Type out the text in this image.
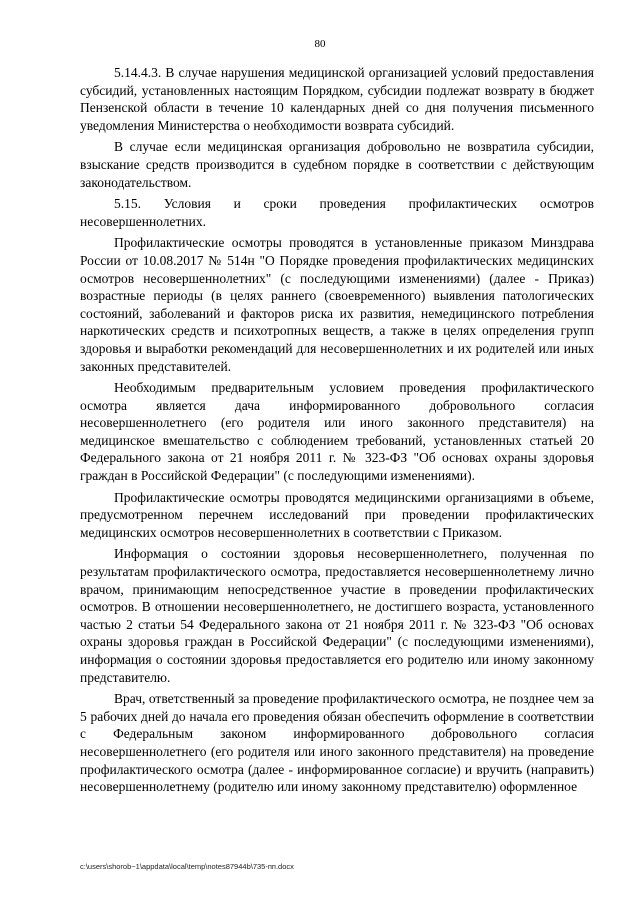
80

5.14.4.3. В случае нарушения медицинской организацией условий предоставления субсидий, установленных настоящим Порядком, субсидии подлежат возврату в бюджет Пензенской области в течение 10 календарных дней со дня получения письменного уведомления Министерства о необходимости возврата субсидий.

В случае если медицинская организация добровольно не возвратила субсидии, взыскание средств производится в судебном порядке в соответствии с действующим законодательством.

5.15. Условия и сроки проведения профилактических осмотров несовершеннолетних.

Профилактические осмотры проводятся в установленные приказом Минздрава России от 10.08.2017 № 514н "О Порядке проведения профилактических медицинских осмотров несовершеннолетних" (с последующими изменениями) (далее - Приказ) возрастные периоды (в целях раннего (своевременного) выявления патологических состояний, заболеваний и факторов риска их развития, немедицинского потребления наркотических средств и психотропных веществ, а также в целях определения групп здоровья и выработки рекомендаций для несовершеннолетних и их родителей или иных законных представителей.

Необходимым предварительным условием проведения профилактического осмотра является дача информированного добровольного согласия несовершеннолетнего (его родителя или иного законного представителя) на медицинское вмешательство с соблюдением требований, установленных статьей 20 Федерального закона от 21 ноября 2011 г. № 323-ФЗ "Об основах охраны здоровья граждан в Российской Федерации" (с последующими изменениями).

Профилактические осмотры проводятся медицинскими организациями в объеме, предусмотренном перечнем исследований при проведении профилактических медицинских осмотров несовершеннолетних в соответствии с Приказом.

Информация о состоянии здоровья несовершеннолетнего, полученная по результатам профилактического осмотра, предоставляется несовершеннолетнему лично врачом, принимающим непосредственное участие в проведении профилактических осмотров. В отношении несовершеннолетнего, не достигшего возраста, установленного частью 2 статьи 54 Федерального закона от 21 ноября 2011 г. № 323-ФЗ "Об основах охраны здоровья граждан в Российской Федерации" (с последующими изменениями), информация о состоянии здоровья предоставляется его родителю или иному законному представителю.

Врач, ответственный за проведение профилактического осмотра, не позднее чем за 5 рабочих дней до начала его проведения обязан обеспечить оформление в соответствии с Федеральным законом информированного добровольного согласия несовершеннолетнего (его родителя или иного законного представителя) на проведение профилактического осмотра (далее - информированное согласие) и вручить (направить) несовершеннолетнему (родителю или иному законному представителю) оформленное

c:\users\shorob~1\appdata\local\temp\notes87944b\735-пп.docx
